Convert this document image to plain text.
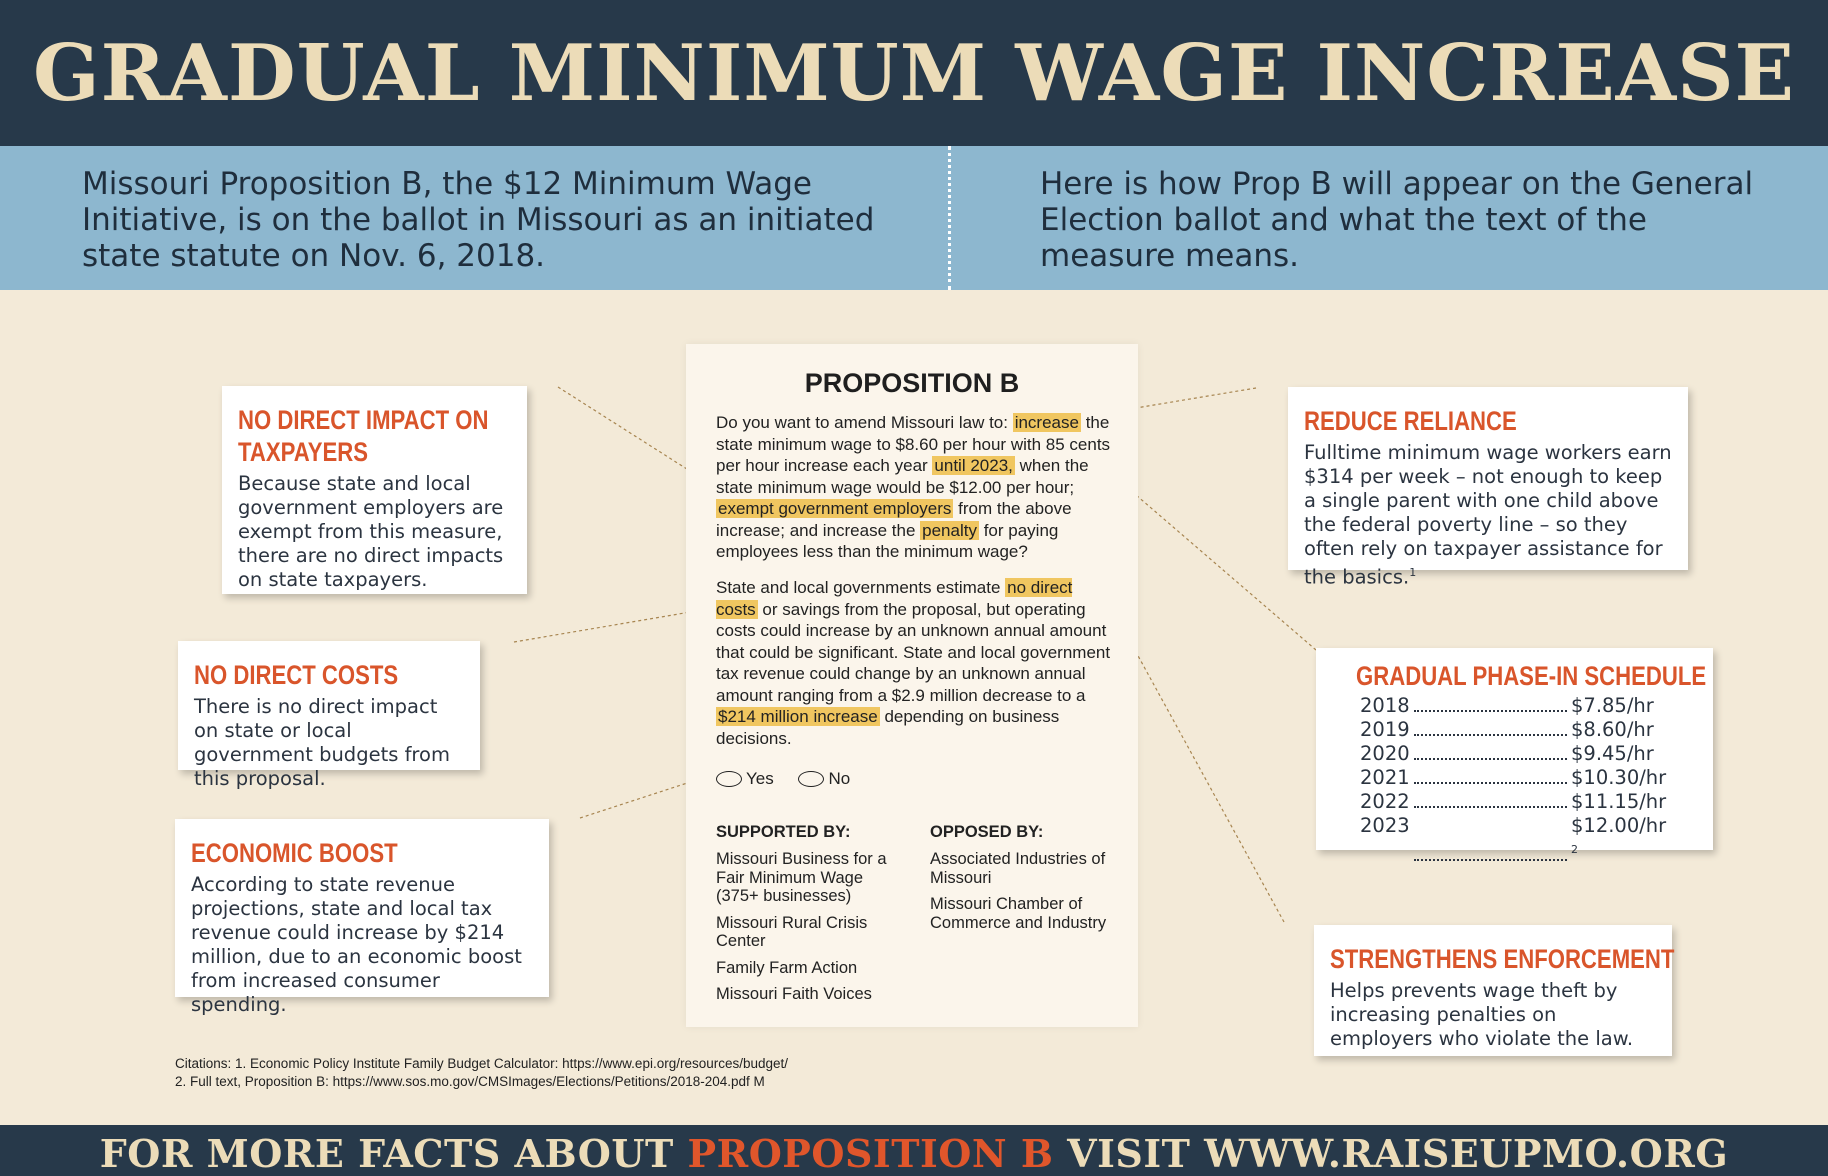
GRADUAL MINIMUM WAGE INCREASE
Missouri Proposition B, the $12 Minimum Wage Initiative, is on the ballot in Missouri as an initiated state statute on Nov. 6, 2018.
Here is how Prop B will appear on the General Election ballot and what the text of the measure means.
NO DIRECT IMPACT ON
TAXPAYERS

Because state and local government employers are exempt from this measure, there are no direct impacts on state taxpayers.

NO DIRECT COSTS

There is no direct impact on state or local government budgets from this proposal.

ECONOMIC BOOST

According to state revenue projections, state and local tax revenue could increase by $214 million, due to an economic boost from increased consumer spending.

REDUCE RELIANCE

Fulltime minimum wage workers earn $314 per week – not enough to keep a single parent with one child above the federal poverty line – so they often rely on taxpayer assistance for the basics.$^1$

GRADUAL PHASE-IN SCHEDULE
2018	$7.85/hr
2019	$8.60/hr
2020	$9.45/hr
2021	$10.30/hr
2022	$11.15/hr
2023	$12.00/hr $^2$
STRENGTHENS ENFORCEMENT

Helps prevents wage theft by increasing penalties on employers who violate the law.

PROPOSITION B
Do you want to amend Missouri law to: increase the state minimum wage to $8.60 per hour with 85 cents per hour increase each year until 2023, when the state minimum wage would be $12.00 per hour; exempt government employers from the above increase; and increase the penalty for paying employees less than the minimum wage?
State and local governments estimate no direct costs or savings from the proposal, but operating costs could increase by an unknown annual amount that could be significant. State and local government tax revenue could change by an unknown annual amount ranging from a $2.9 million decrease to a $214 million increase depending on business decisions.
Yes	No
SUPPORTED BY:
Missouri Business for a Fair Minimum Wage (375+ businesses)
Missouri Rural Crisis Center
Family Farm Action
Missouri Faith Voices
OPPOSED BY:
Associated Industries of Missouri
Missouri Chamber of Commerce and Industry
Citations: 1. Economic Policy Institute Family Budget Calculator: https://www.epi.org/resources/budget/
2. Full text, Proposition B: https://www.sos.mo.gov/CMSImages/Elections/Petitions/2018-204.pdf M
FOR MORE FACTS ABOUT PROPOSITION B VISIT WWW.RAISEUPMO.ORG
